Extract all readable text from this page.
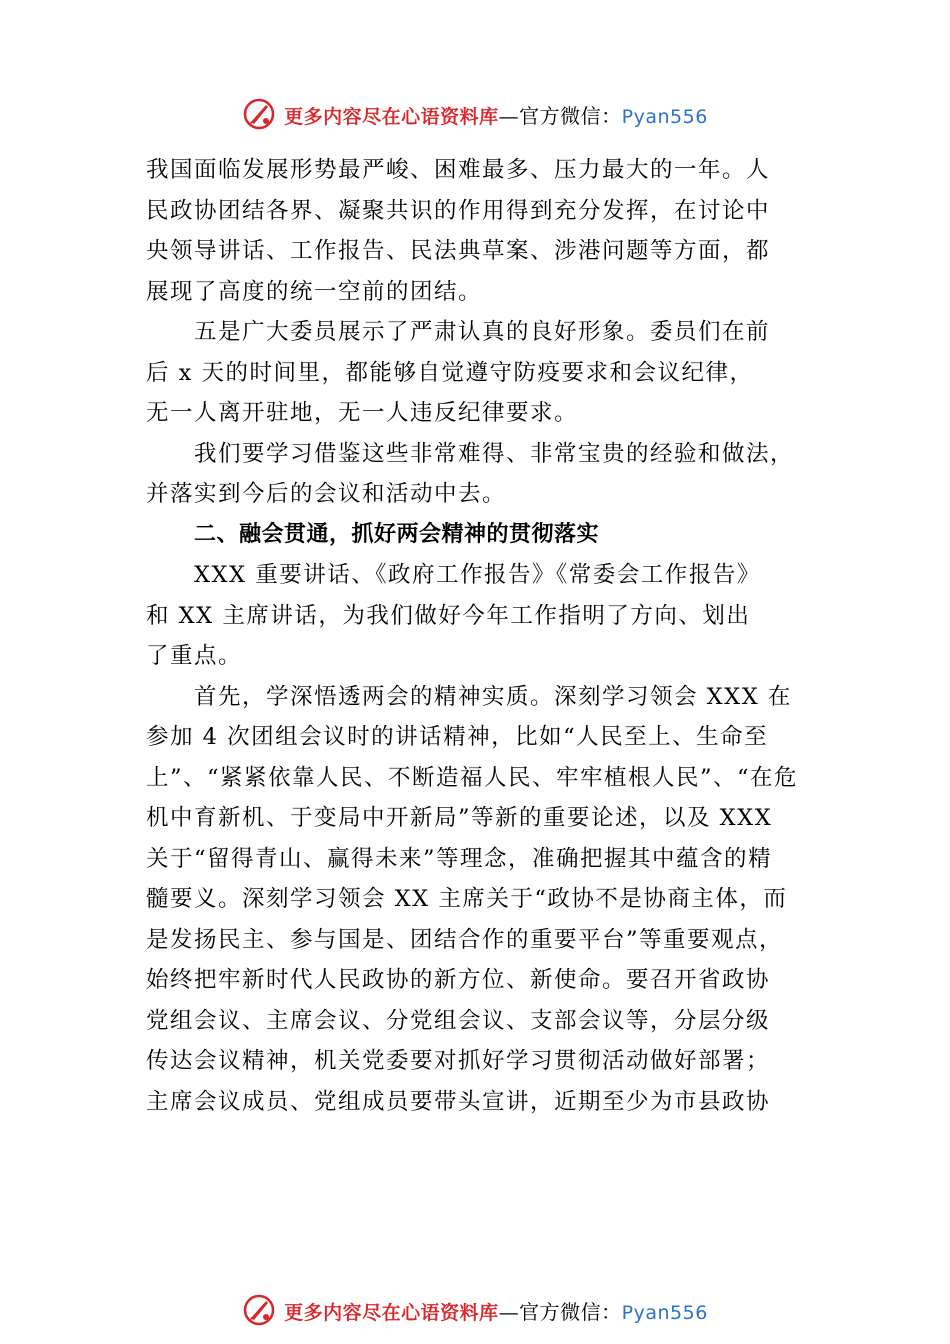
更多内容尽在心语资料库—官方微信：Pyan556
我国面临发展形势最严峻、困难最多、压力最大的一年。人
民政协团结各界、凝聚共识的作用得到充分发挥，在讨论中
央领导讲话、工作报告、民法典草案、涉港问题等方面，都
展现了高度的统一空前的团结。
五是广大委员展示了严肃认真的良好形象。委员们在前
后 x 天的时间里，都能够自觉遵守防疫要求和会议纪律，
无一人离开驻地，无一人违反纪律要求。
我们要学习借鉴这些非常难得、非常宝贵的经验和做法，
并落实到今后的会议和活动中去。
二、融会贯通，抓好两会精神的贯彻落实
XXX 重要讲话、《政府工作报告》《常委会工作报告》
和 XX 主席讲话，为我们做好今年工作指明了方向、划出
了重点。
首先，学深悟透两会的精神实质。深刻学习领会 XXX 在
参加 4 次团组会议时的讲话精神，比如“人民至上、生命至
上”、“紧紧依靠人民、不断造福人民、牢牢植根人民”、“在危
机中育新机、于变局中开新局”等新的重要论述，以及 XXX
关于“留得青山、赢得未来”等理念，准确把握其中蕴含的精
髓要义。深刻学习领会 XX 主席关于“政协不是协商主体，而
是发扬民主、参与国是、团结合作的重要平台”等重要观点，
始终把牢新时代人民政协的新方位、新使命。要召开省政协
党组会议、主席会议、分党组会议、支部会议等，分层分级
传达会议精神，机关党委要对抓好学习贯彻活动做好部署；
主席会议成员、党组成员要带头宣讲，近期至少为市县政协
更多内容尽在心语资料库—官方微信：Pyan556
